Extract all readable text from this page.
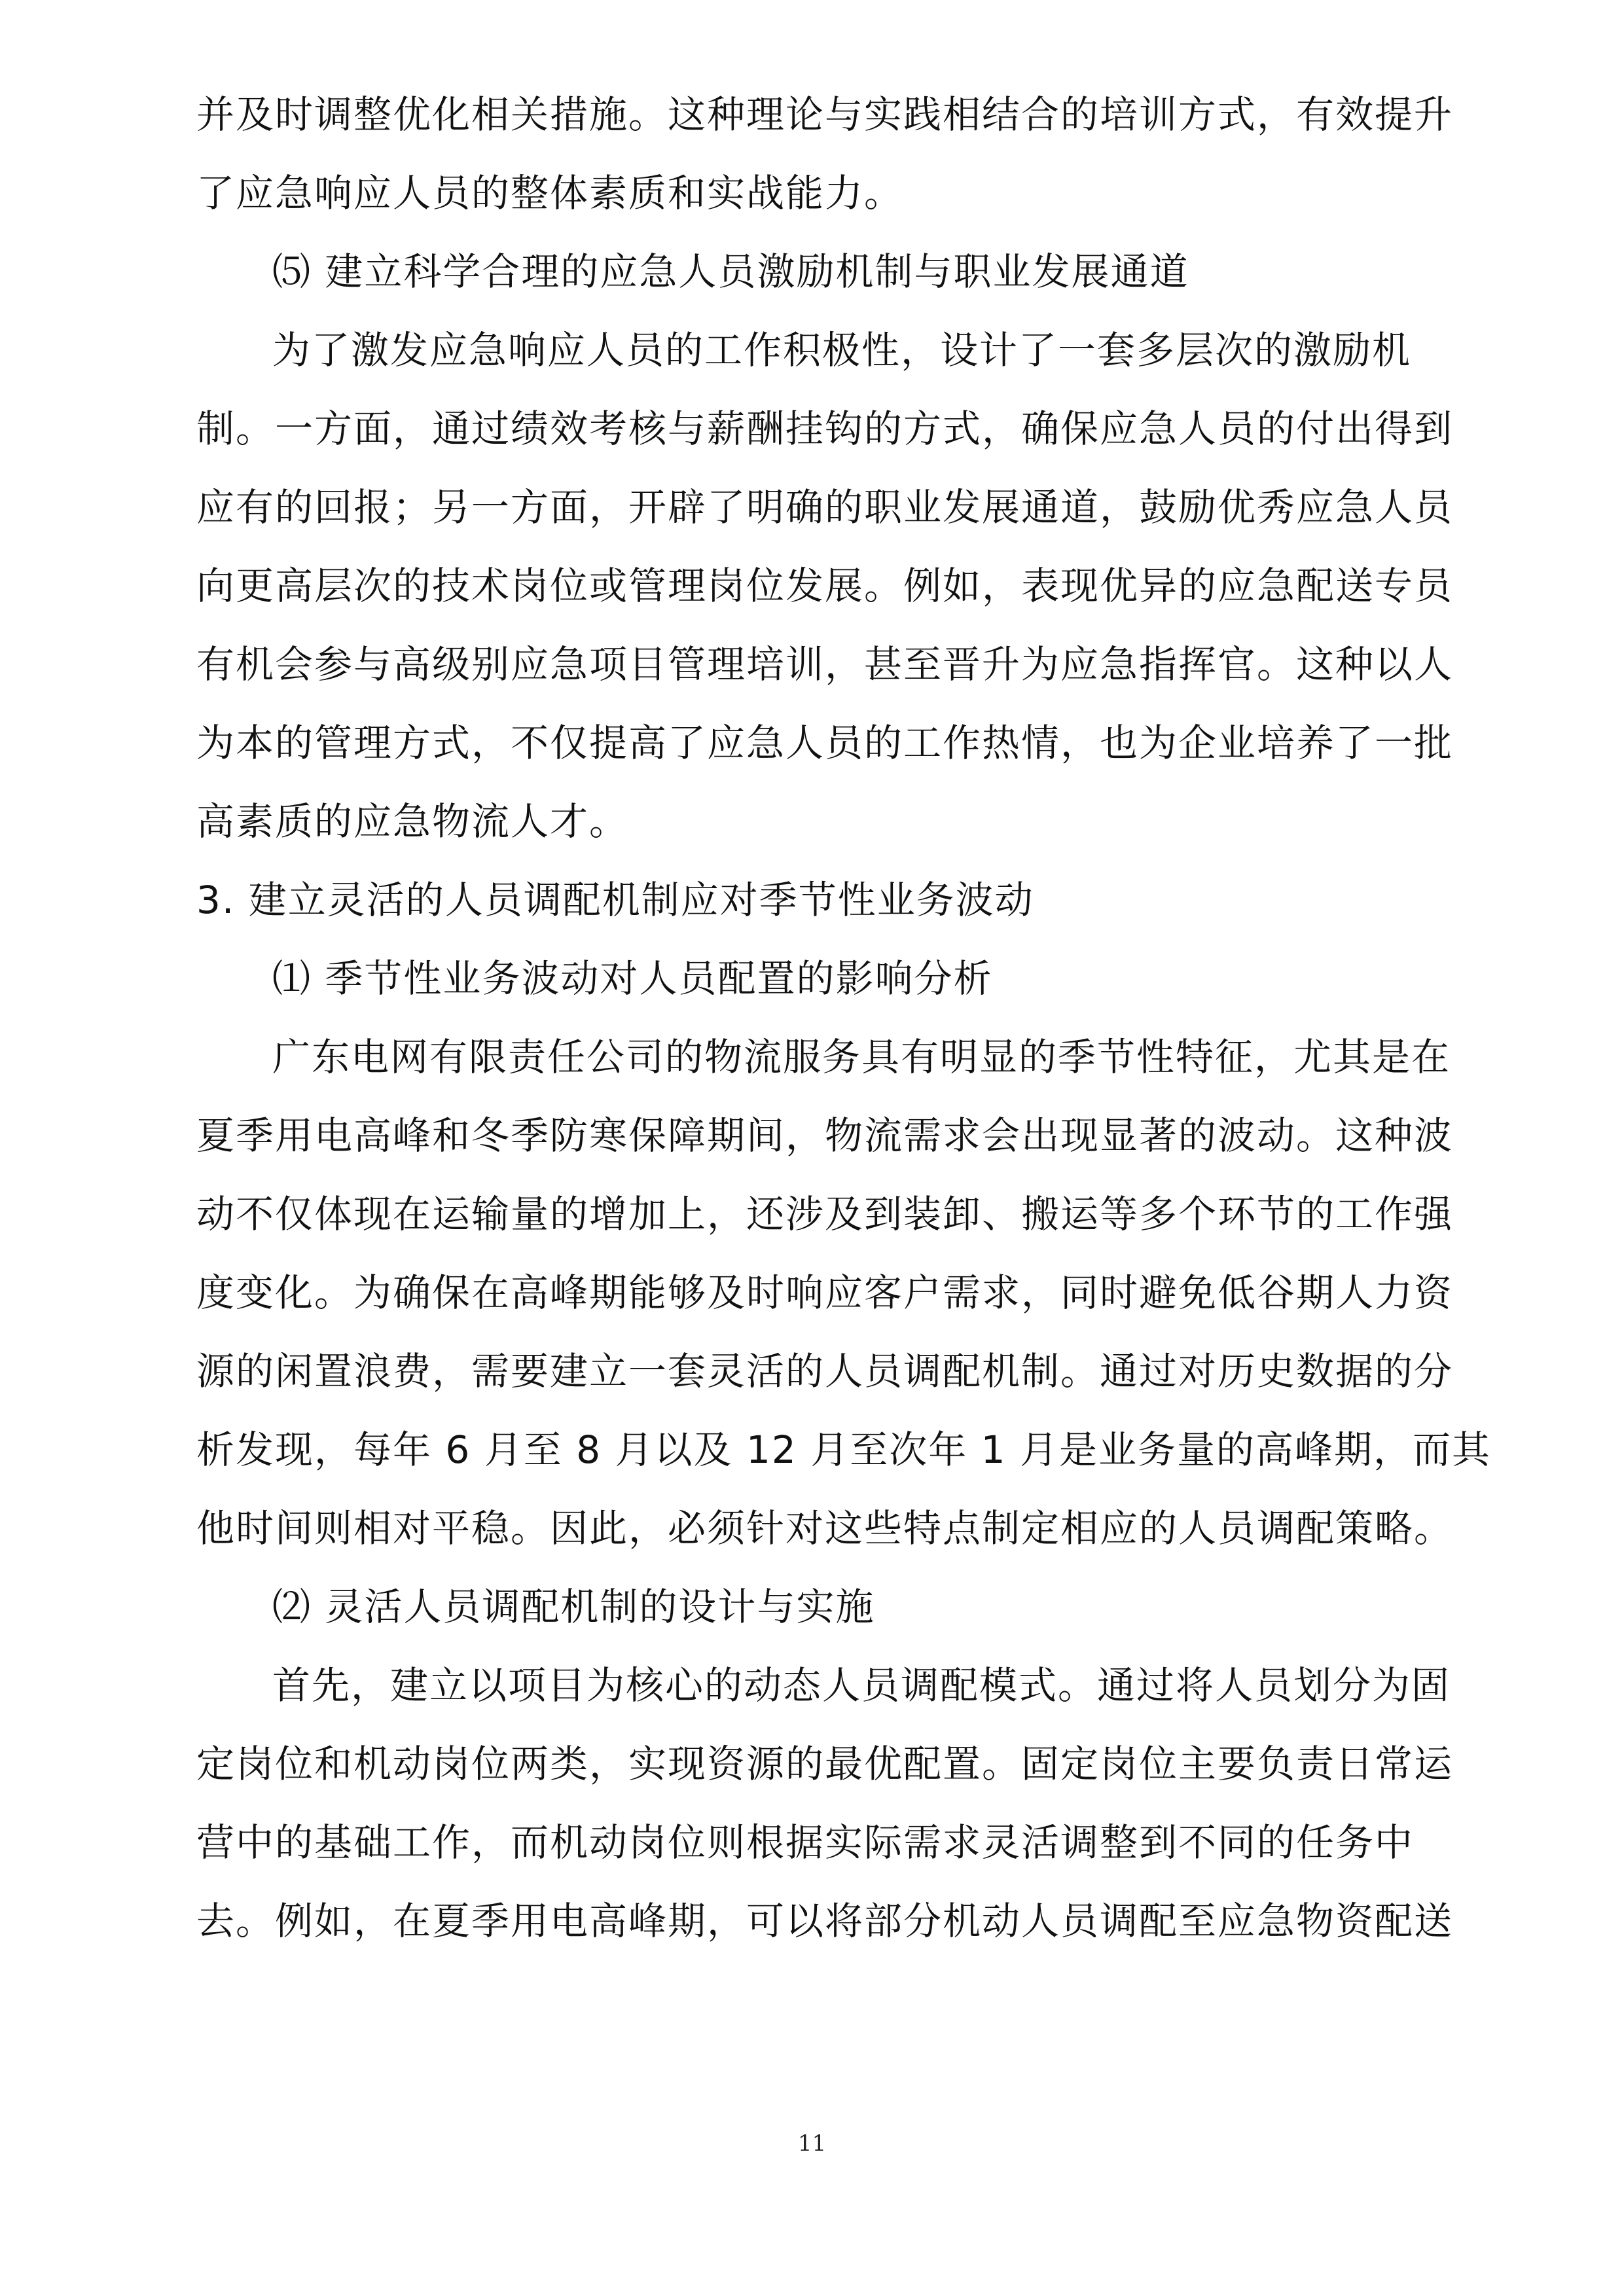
并及时调整优化相关措施。这种理论与实践相结合的培训方式，有效提升
了应急响应人员的整体素质和实战能力。
⑸ 建立科学合理的应急人员激励机制与职业发展通道
为了激发应急响应人员的工作积极性，设计了一套多层次的激励机
制。一方面，通过绩效考核与薪酬挂钩的方式，确保应急人员的付出得到
应有的回报；另一方面，开辟了明确的职业发展通道，鼓励优秀应急人员
向更高层次的技术岗位或管理岗位发展。例如，表现优异的应急配送专员
有机会参与高级别应急项目管理培训，甚至晋升为应急指挥官。这种以人
为本的管理方式，不仅提高了应急人员的工作热情，也为企业培养了一批
高素质的应急物流人才。
3. 建立灵活的人员调配机制应对季节性业务波动
⑴ 季节性业务波动对人员配置的影响分析
广东电网有限责任公司的物流服务具有明显的季节性特征，尤其是在
夏季用电高峰和冬季防寒保障期间，物流需求会出现显著的波动。这种波
动不仅体现在运输量的增加上，还涉及到装卸、搬运等多个环节的工作强
度变化。为确保在高峰期能够及时响应客户需求，同时避免低谷期人力资
源的闲置浪费，需要建立一套灵活的人员调配机制。通过对历史数据的分
析发现，每年 6 月至 8 月以及 12 月至次年 1 月是业务量的高峰期，而其
他时间则相对平稳。因此，必须针对这些特点制定相应的人员调配策略。
⑵ 灵活人员调配机制的设计与实施
首先，建立以项目为核心的动态人员调配模式。通过将人员划分为固
定岗位和机动岗位两类，实现资源的最优配置。固定岗位主要负责日常运
营中的基础工作，而机动岗位则根据实际需求灵活调整到不同的任务中
去。例如，在夏季用电高峰期，可以将部分机动人员调配至应急物资配送
11
